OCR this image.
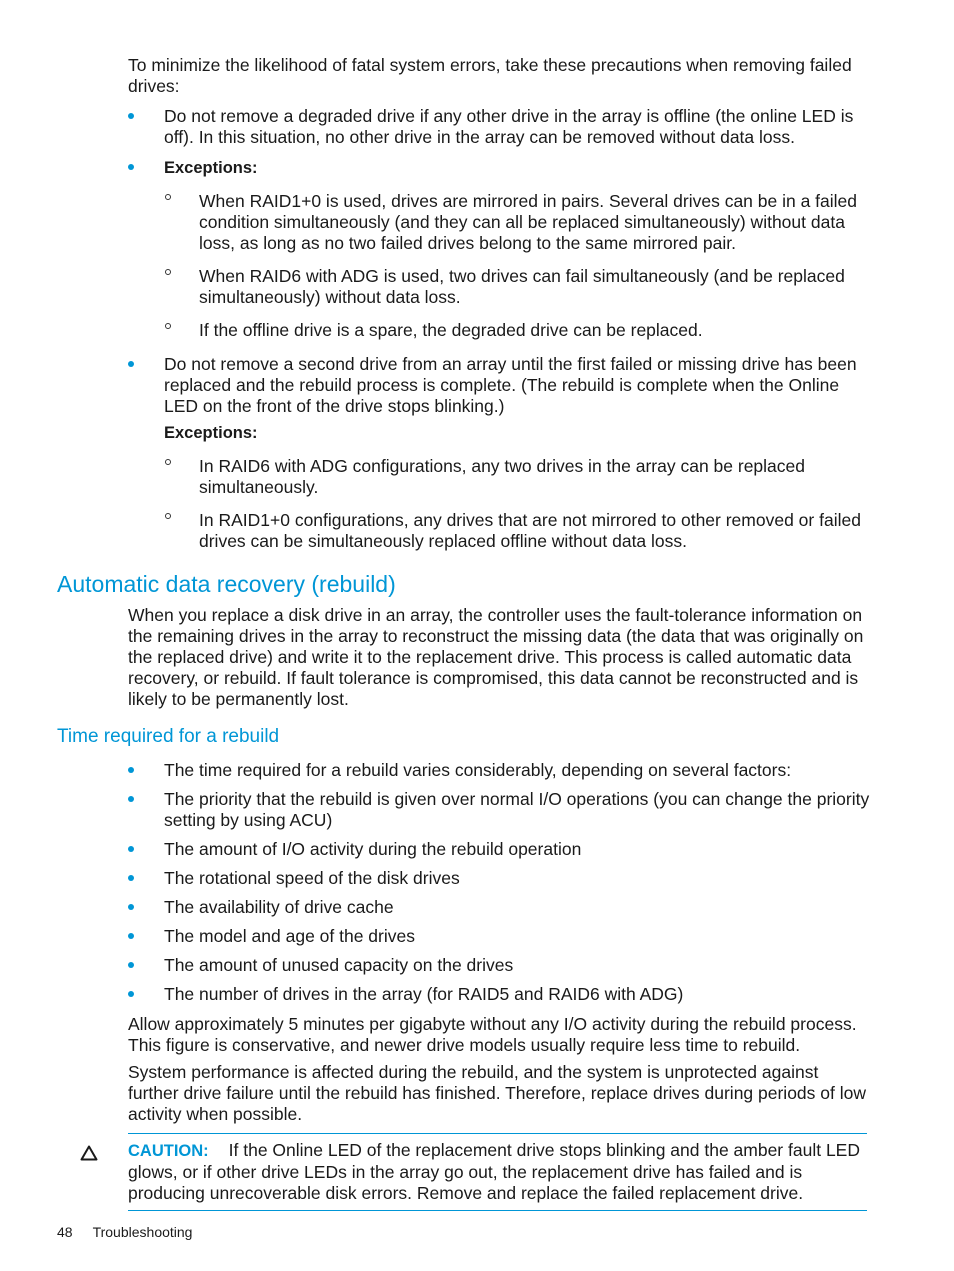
To minimize the likelihood of fatal system errors, take these precautions when removing failed drives:

Do not remove a degraded drive if any other drive in the array is offline (the online LED is off). In this situation, no other drive in the array can be removed without data loss.
Exceptions:
When RAID1+0 is used, drives are mirrored in pairs. Several drives can be in a failed condition simultaneously (and they can all be replaced simultaneously) without data loss, as long as no two failed drives belong to the same mirrored pair.
When RAID6 with ADG is used, two drives can fail simultaneously (and be replaced simultaneously) without data loss.
If the offline drive is a spare, the degraded drive can be replaced.
Do not remove a second drive from an array until the first failed or missing drive has been replaced and the rebuild process is complete. (The rebuild is complete when the Online LED on the front of the drive stops blinking.)
Exceptions:
In RAID6 with ADG configurations, any two drives in the array can be replaced simultaneously.
In RAID1+0 configurations, any drives that are not mirrored to other removed or failed drives can be simultaneously replaced offline without data loss.
Automatic data recovery (rebuild)

When you replace a disk drive in an array, the controller uses the fault-tolerance information on the remaining drives in the array to reconstruct the missing data (the data that was originally on the replaced drive) and write it to the replacement drive. This process is called automatic data recovery, or rebuild. If fault tolerance is compromised, this data cannot be reconstructed and is likely to be permanently lost.

Time required for a rebuild
The time required for a rebuild varies considerably, depending on several factors:
The priority that the rebuild is given over normal I/O operations (you can change the priority setting by using ACU)
The amount of I/O activity during the rebuild operation
The rotational speed of the disk drives
The availability of drive cache
The model and age of the drives
The amount of unused capacity on the drives
The number of drives in the array (for RAID5 and RAID6 with ADG)

Allow approximately 5 minutes per gigabyte without any I/O activity during the rebuild process. This figure is conservative, and newer drive models usually require less time to rebuild.

System performance is affected during the rebuild, and the system is unprotected against further drive failure until the rebuild has finished. Therefore, replace drives during periods of low activity when possible.

CAUTION: If the Online LED of the replacement drive stops blinking and the amber fault LED glows, or if other drive LEDs in the array go out, the replacement drive has failed and is producing unrecoverable disk errors. Remove and replace the failed replacement drive.

48 Troubleshooting
